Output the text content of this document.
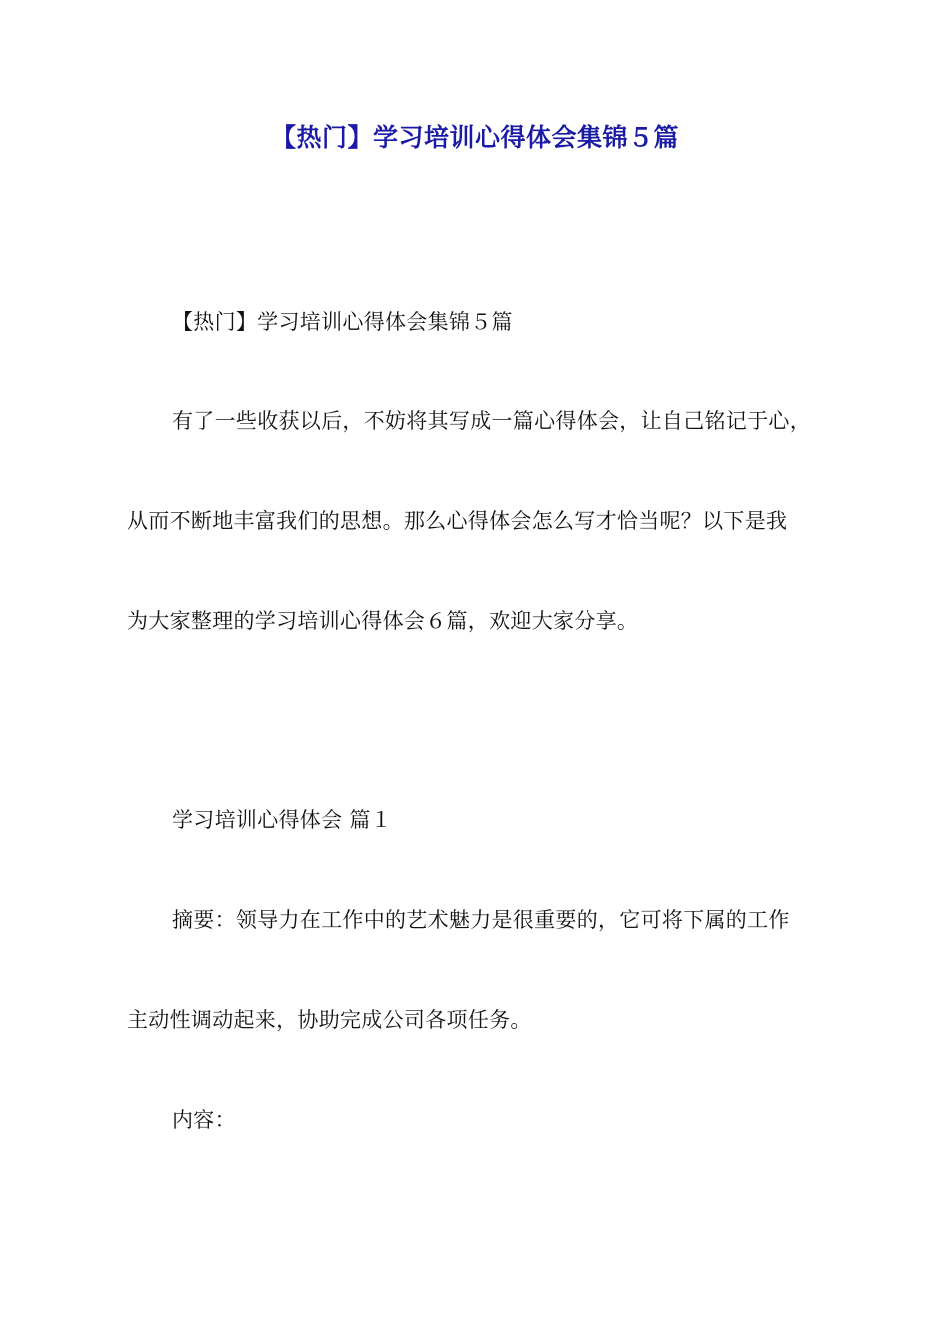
【热门】学习培训心得体会集锦５篇
【热门】学习培训心得体会集锦５篇
有了一些收获以后，不妨将其写成一篇心得体会，让自己铭记于心，
从而不断地丰富我们的思想。那么心得体会怎么写才恰当呢？以下是我
为大家整理的学习培训心得体会６篇，欢迎大家分享。
学习培训心得体会 篇１
摘要：领导力在工作中的艺术魅力是很重要的，它可将下属的工作
主动性调动起来，协助完成公司各项任务。
内容：
